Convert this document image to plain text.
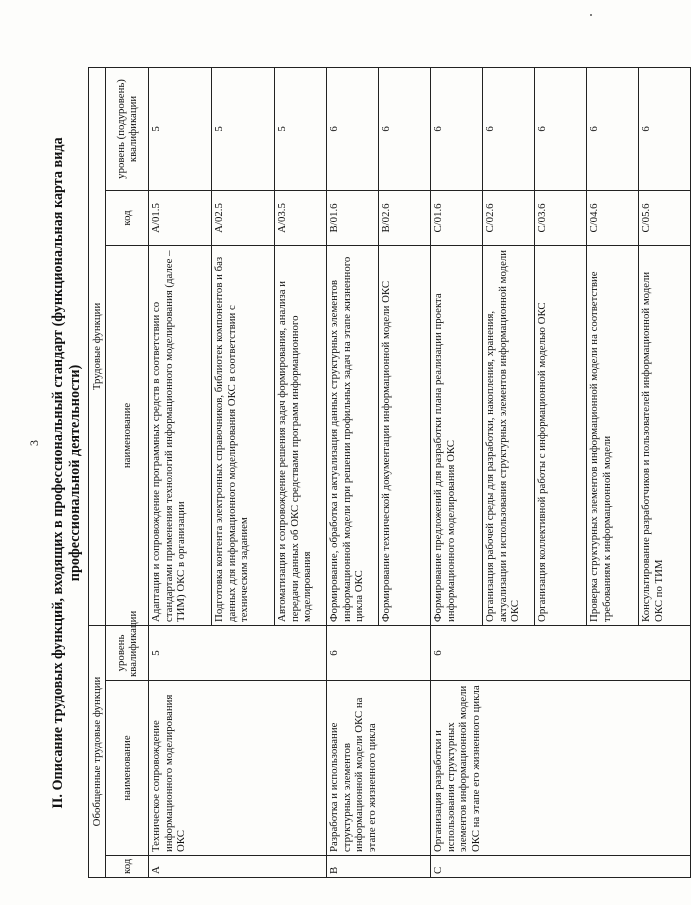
3 II. Описание трудовых функций, входящих в профессиональный стандарт (функциональная карта вида профессиональной деятельности)
Обобщенные трудовые функции			Трудовые функции		
код	наименование	уровень квалификации	наименование	код	уровень (подуровень) квалификации
A	Техническое сопровождение информационного моделирования ОКС	5	Адаптация и сопровождение программных средств в соответствии со стандартами применения технологий информационного моделирования (далее – ТИМ) ОКС в организации	A/01.5	5
			Подготовка контента электронных справочников, библиотек компонентов и баз данных для информационного моделирования ОКС в соответствии с техническим заданием	A/02.5	5
			Автоматизация и сопровождение решения задач формирования, анализа и передачи данных об ОКС средствами программ информационного моделирования	A/03.5	5
B	Разработка и использование структурных элементов информационной модели ОКС на этапе его жизненного цикла	6	Формирование, обработка и актуализация данных структурных элементов информационной модели при решении профильных задач на этапе жизненного цикла ОКС	B/01.6	6
			Формирование технической документации информационной модели ОКС	B/02.6	6
C	Организация разработки и использования структурных элементов информационной модели ОКС на этапе его жизненного цикла	6	Формирование предложений для разработки плана реализации проекта информационного моделирования ОКС	C/01.6	6
			Организация рабочей среды для разработки, накопления, хранения, актуализации и использования структурных элементов информационной модели ОКС	C/02.6	6
			Организация коллективной работы с информационной моделью ОКС	C/03.6	6
			Проверка структурных элементов информационной модели на соответствие требованиям к информационной модели	C/04.6	6
			Консультирование разработчиков и пользователей информационной модели ОКС по ТИМ	C/05.6	6
